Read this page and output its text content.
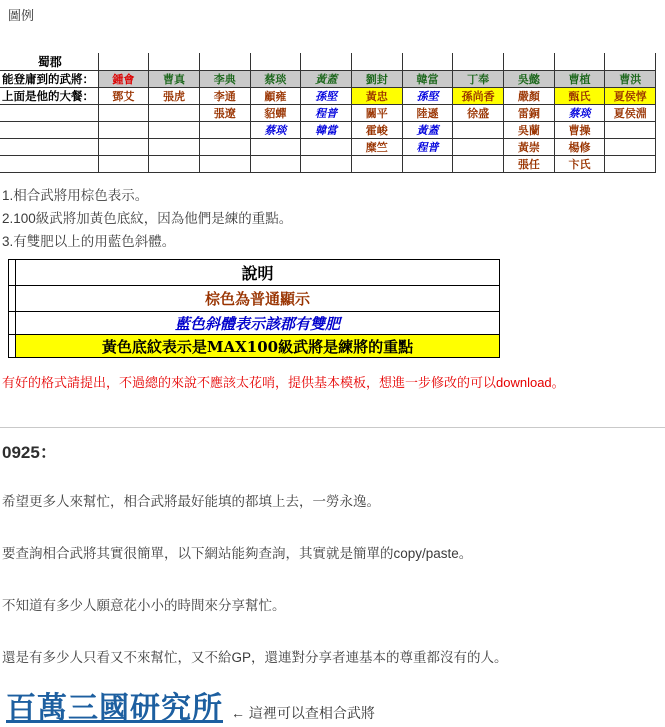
圖例
蜀郡											
能登庸到的武將：	鍾會	曹真	李典	蔡琰	黃蓋	劉封	韓當	丁奉	吳懿	曹植	曹洪
上面是他的大餐：	鄧艾	張虎	李通	顧雍	孫堅	黃忠	孫堅	孫尚香	嚴顏	甄氏	夏侯惇
			張遼	貂蟬	程普	關平	陸遜	徐盛	雷銅	蔡琰	夏侯淵
				蔡琰	韓當	霍峻	黃蓋		吳蘭	曹操	
						糜竺	程普		黃崇	楊修	
									張任	卞氏	
1.相合武將用棕色表示。
2.100級武將加黃色底紋，因為他們是練的重點。
3.有雙肥以上的用藍色斜體。
	說明
	棕色為普通顯示
	藍色斜體表示該郡有雙肥
	黃色底紋表示是MAX100級武將是練將的重點

有好的格式請提出，不過總的來說不應該太花哨，提供基本模板，想進一步修改的可以download。

0925：

希望更多人來幫忙，相合武將最好能填的都填上去，一勞永逸。

要查詢相合武將其實很簡單，以下網站能夠查詢，其實就是簡單的copy/paste。

不知道有多少人願意花小小的時間來分享幫忙。

還是有多少人只看又不來幫忙，又不給GP，還連對分享者連基本的尊重都沒有的人。

百萬三國研究所 ← 這裡可以查相合武將
